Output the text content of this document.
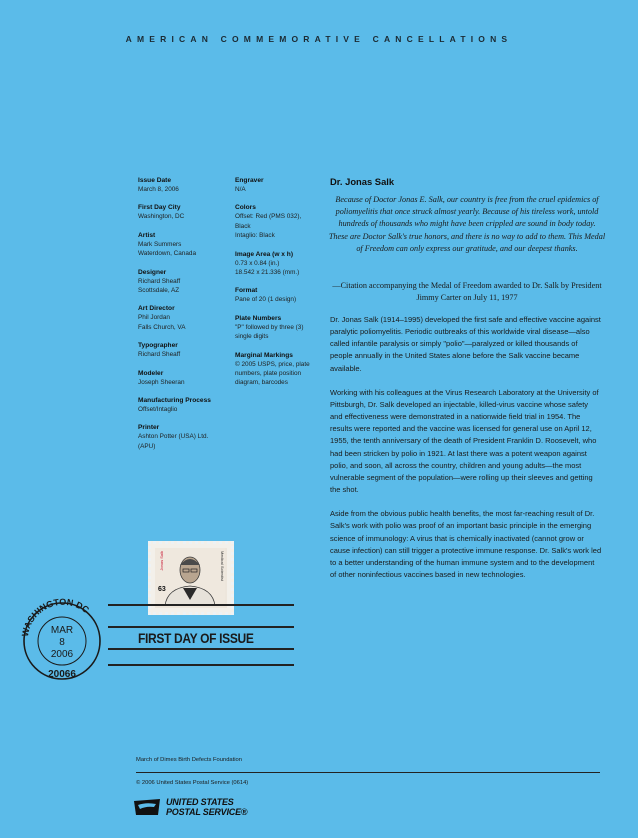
AMERICAN COMMEMORATIVE CANCELLATIONS
Issue Date
March 8, 2006
First Day City
Washington, DC
Artist
Mark Summers
Waterdown, Canada
Designer
Richard Sheaff
Scottsdale, AZ
Art Director
Phil Jordan
Falls Church, VA
Typographer
Richard Sheaff
Modeler
Joseph Sheeran
Manufacturing Process
Offset/Intaglio
Printer
Ashton Potter (USA) Ltd.
(APU)
Engraver
N/A
Colors
Offset: Red (PMS 032),
Black
Intaglio: Black
Image Area (w x h)
0.73 x 0.84 (in.)
18.542 x 21.336 (mm.)
Format
Pane of 20 (1 design)
Plate Numbers
"P" followed by three (3)
single digits
Marginal Markings
© 2005 USPS, price, plate
numbers, plate position
diagram, barcodes
Dr. Jonas Salk
Because of Doctor Jonas E. Salk, our country is free from the cruel epidemics of poliomyelitis that once struck almost yearly. Because of his tireless work, untold hundreds of thousands who might have been crippled are sound in body today. These are Doctor Salk's true honors, and there is no way to add to them. This Medal of Freedom can only express our gratitude, and our deepest thanks.
—Citation accompanying the Medal of Freedom awarded to Dr. Salk by President Jimmy Carter on July 11, 1977

Dr. Jonas Salk (1914–1995) developed the first safe and effective vaccine against paralytic poliomyelitis. Periodic outbreaks of this worldwide viral disease—also called infantile paralysis or simply "polio"—paralyzed or killed thousands of people annually in the United States alone before the Salk vaccine became available.

Working with his colleagues at the Virus Research Laboratory at the University of Pittsburgh, Dr. Salk developed an injectable, killed-virus vaccine whose safety and effectiveness were demonstrated in a nationwide field trial in 1954. The results were reported and the vaccine was licensed for general use on April 12, 1955, the tenth anniversary of the death of President Franklin D. Roosevelt, who had been stricken by polio in 1921. At last there was a potent weapon against polio, and soon, all across the country, children and young adults—the most vulnerable segment of the population—were rolling up their sleeves and getting the shot.

Aside from the obvious public health benefits, the most far-reaching result of Dr. Salk's work with polio was proof of an important basic principle in the emerging science of immunology: A virus that is chemically inactivated (cannot grow or cause infection) can still trigger a protective immune response. Dr. Salk's work led to a better understanding of the human immune system and to the development of other noninfectious vaccines based in new technologies.

Jonas Salk
63
Medical Scientist
FIRST DAY OF ISSUE
WASHINGTON DC
MAR
8
2006
20066
March of Dimes Birth Defects Foundation
© 2006 United States Postal Service (0614)
UNITED STATES
POSTAL SERVICE®
